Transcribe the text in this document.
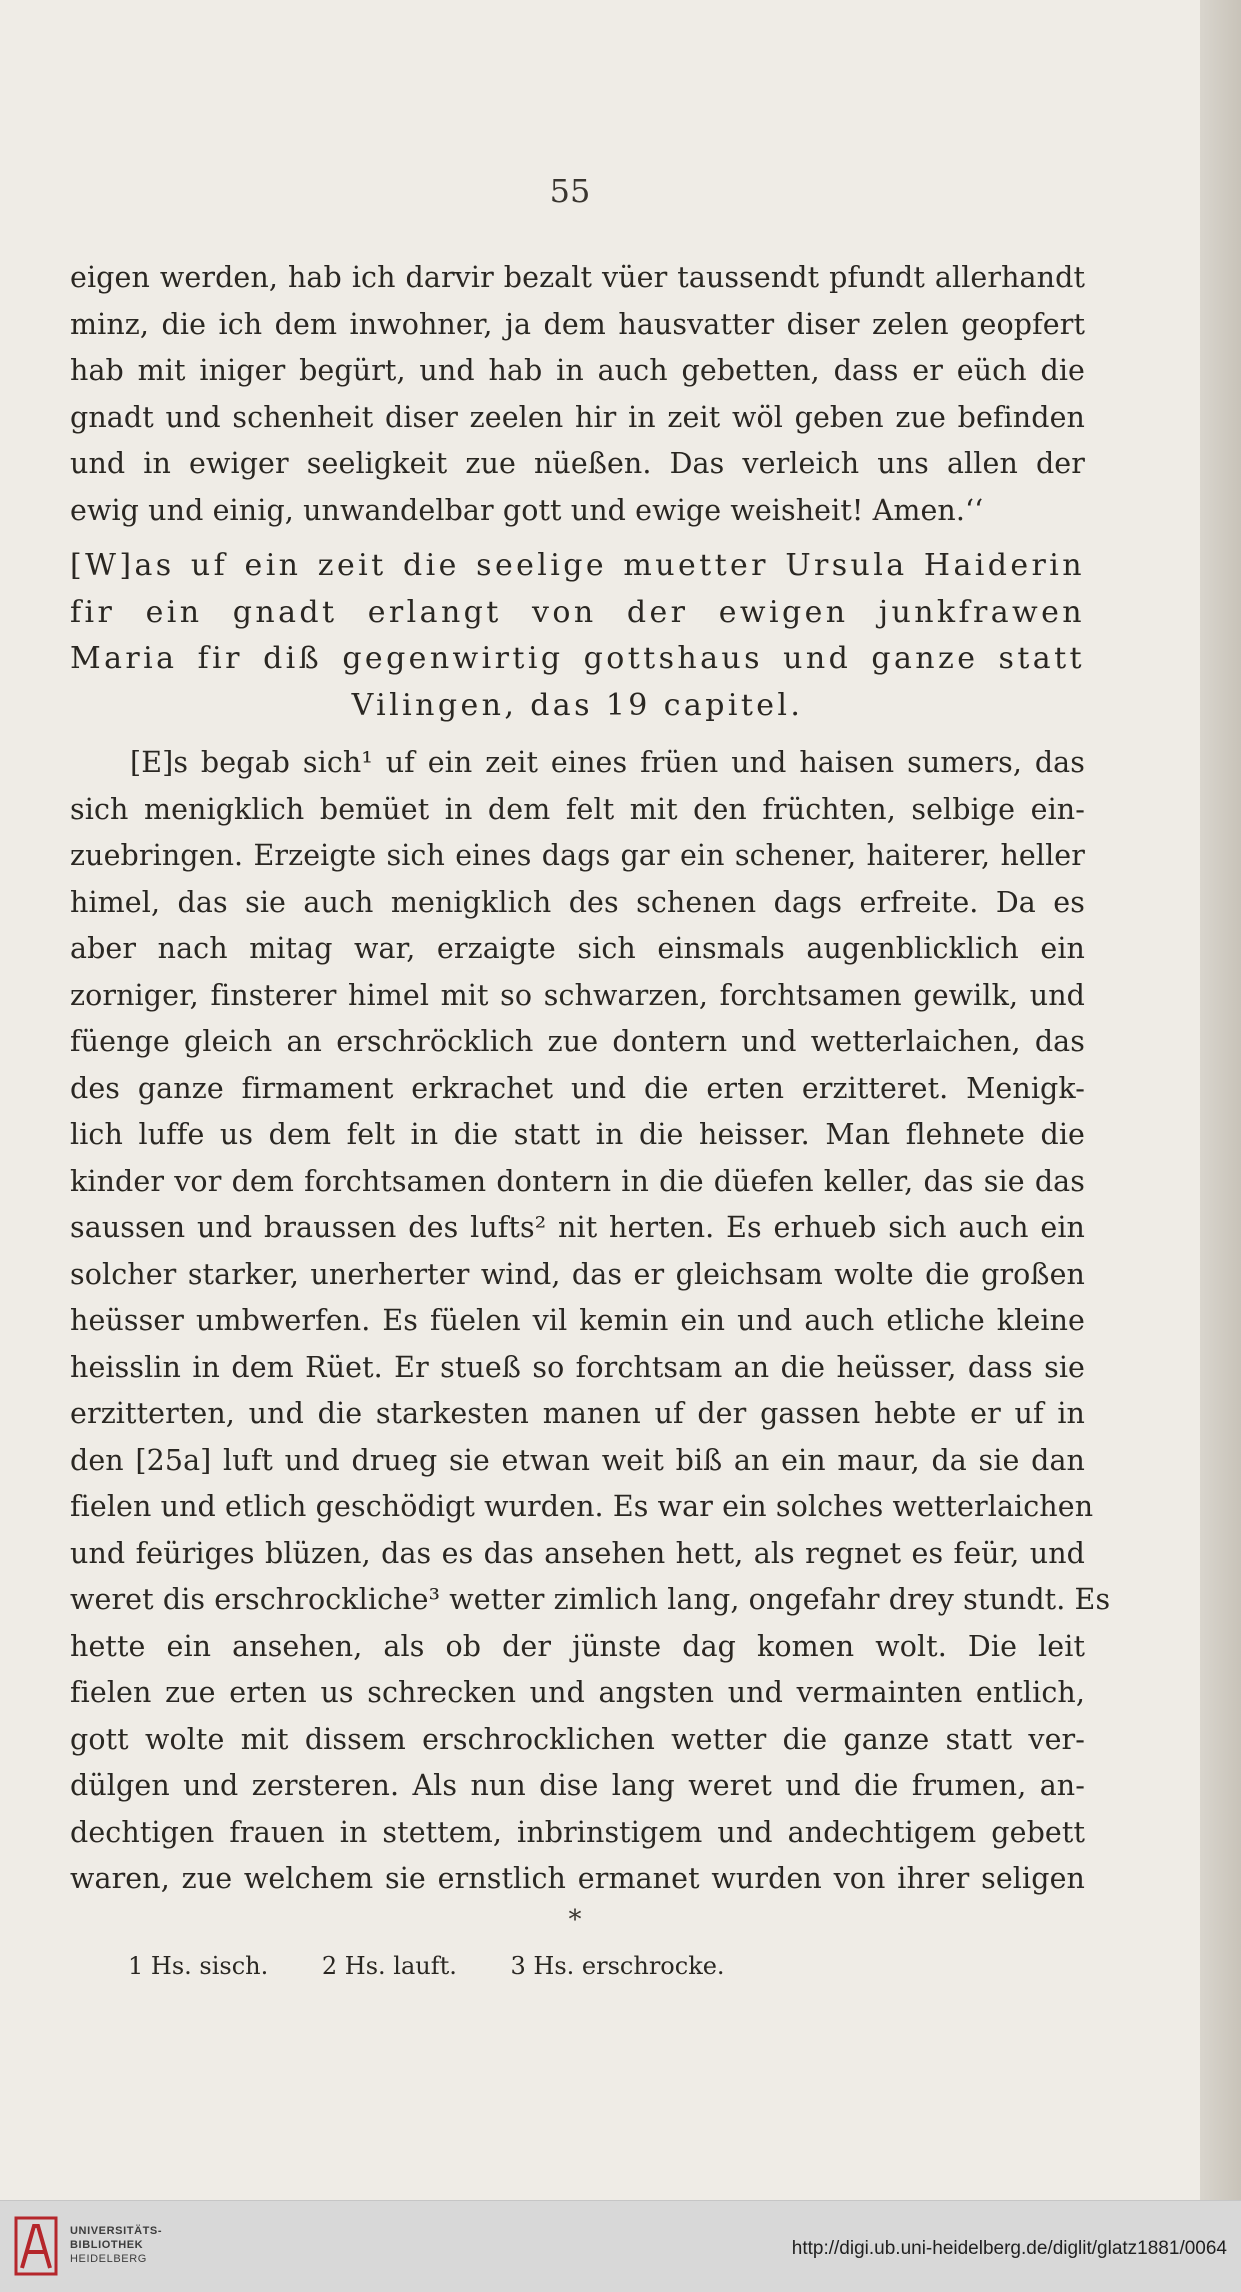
55
eigen werden, hab ich darvir bezalt vüer taussendt pfundt allerhandt
minz, die ich dem inwohner, ja dem hausvatter diser zelen geopfert
hab mit iniger begürt, und hab in auch gebetten, dass er eüch die
gnadt und schenheit diser zeelen hir in zeit wöl geben zue befinden
und in ewiger seeligkeit zue nüeßen. Das verleich uns allen der
ewig und einig, unwandelbar gott und ewige weisheit! Amen.‘‘
[W]as uf ein zeit die seelige muetter Ursula Haiderin
fir ein gnadt erlangt von der ewigen junkfrawen
Maria fir diß gegenwirtig gottshaus und ganze statt
Vilingen, das 19 capitel.
[E]s begab sich¹ uf ein zeit eines früen und haisen sumers, das
sich menigklich bemüet in dem felt mit den früchten, selbige ein-
zuebringen. Erzeigte sich eines dags gar ein schener, haiterer, heller
himel, das sie auch menigklich des schenen dags erfreite. Da es
aber nach mitag war, erzaigte sich einsmals augenblicklich ein
zorniger, finsterer himel mit so schwarzen, forchtsamen gewilk, und
füenge gleich an erschröcklich zue dontern und wetterlaichen, das
des ganze firmament erkrachet und die erten erzitteret. Menigk-
lich luffe us dem felt in die statt in die heisser. Man flehnete die
kinder vor dem forchtsamen dontern in die düefen keller, das sie das
saussen und braussen des lufts² nit herten. Es erhueb sich auch ein
solcher starker, unerherter wind, das er gleichsam wolte die großen
heüsser umbwerfen. Es füelen vil kemin ein und auch etliche kleine
heisslin in dem Rüet. Er stueß so forchtsam an die heüsser, dass sie
erzitterten, und die starkesten manen uf der gassen hebte er uf in
den [25a] luft und drueg sie etwan weit biß an ein maur, da sie dan
fielen und etlich geschödigt wurden. Es war ein solches wetterlaichen
und feüriges blüzen, das es das ansehen hett, als regnet es feür, und
weret dis erschrockliche³ wetter zimlich lang, ongefahr drey stundt. Es
hette ein ansehen, als ob der jünste dag komen wolt. Die leit
fielen zue erten us schrecken und angsten und vermainten entlich,
gott wolte mit dissem erschrocklichen wetter die ganze statt ver-
dülgen und zersteren. Als nun dise lang weret und die frumen, an-
dechtigen frauen in stettem, inbrinstigem und andechtigem gebett
waren, zue welchem sie ernstlich ermanet wurden von ihrer seligen
*
1 Hs. sisch. 2 Hs. lauft. 3 Hs. erschrocke.
UNIVERSITÄTS-
BIBLIOTHEK
HEIDELBERG	http://digi.ub.uni-heidelberg.de/diglit/glatz1881/0064
